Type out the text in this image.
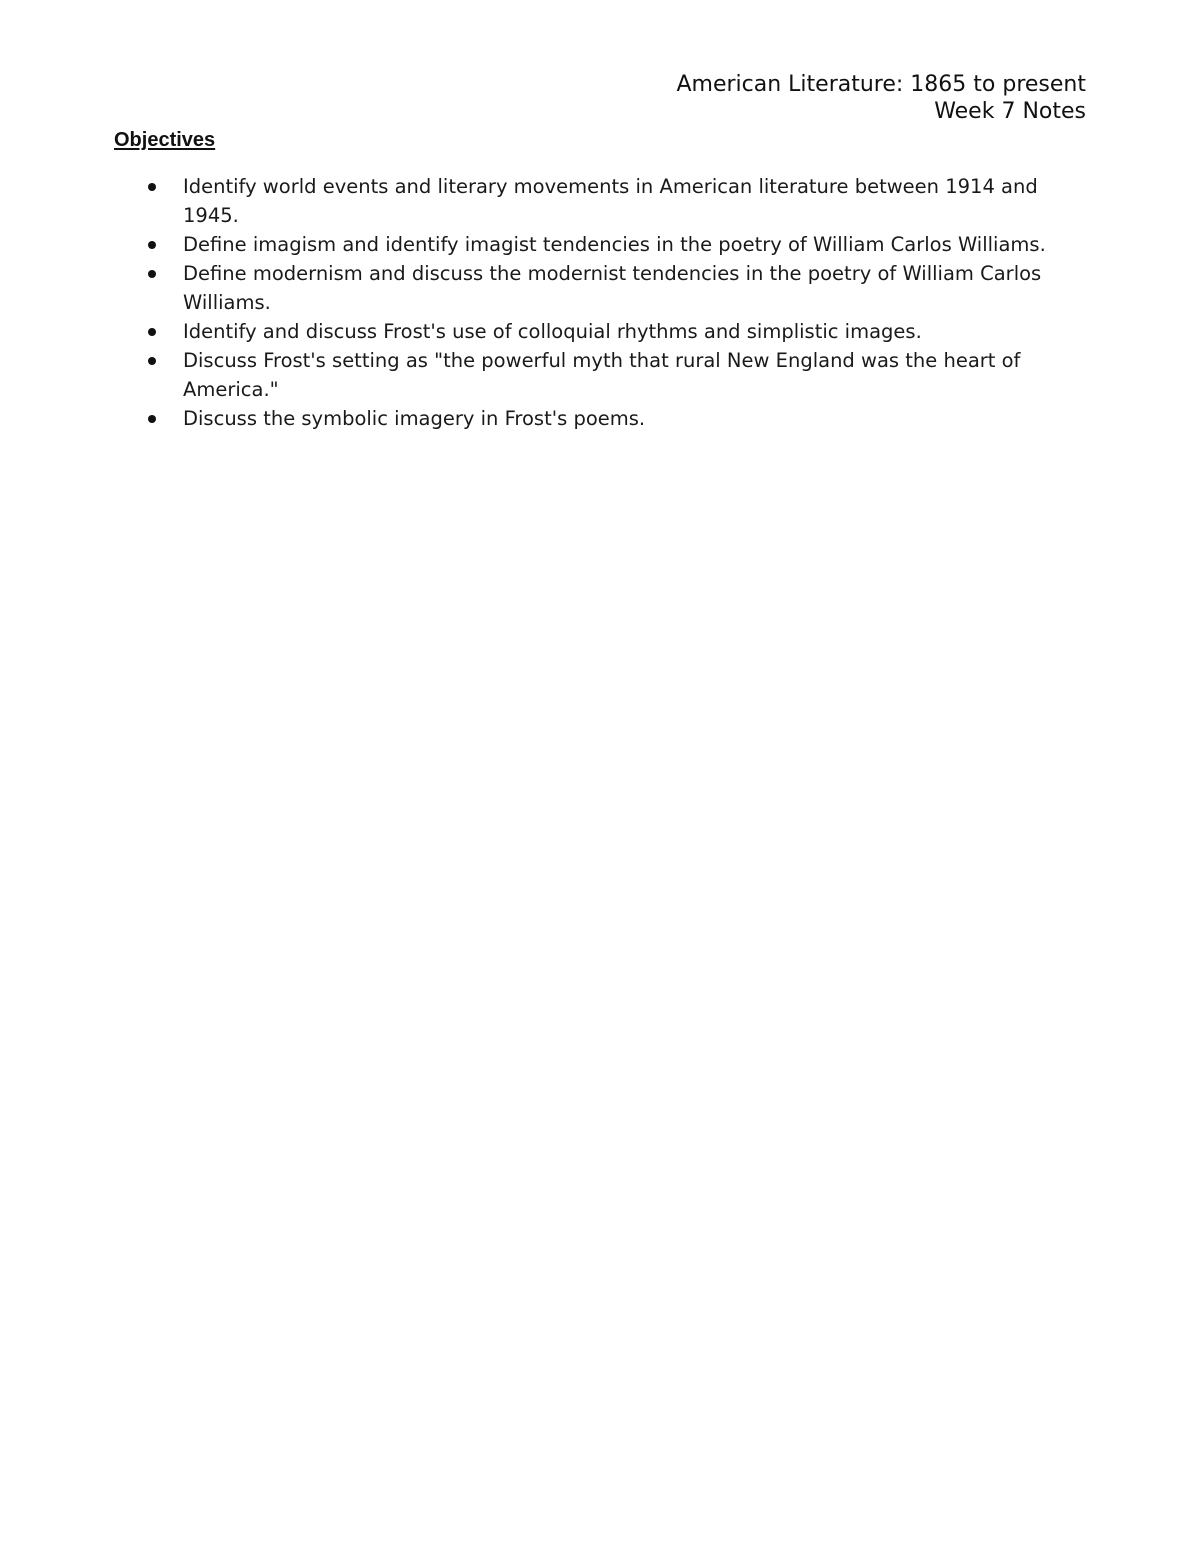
American Literature: 1865 to present
Week 7 Notes
Objectives
Identify world events and literary movements in American literature between 1914 and 1945.
Define imagism and identify imagist tendencies in the poetry of William Carlos Williams.
Define modernism and discuss the modernist tendencies in the poetry of William Carlos Williams.
Identify and discuss Frost's use of colloquial rhythms and simplistic images.
Discuss Frost's setting as "the powerful myth that rural New England was the heart of America."
Discuss the symbolic imagery in Frost's poems.
